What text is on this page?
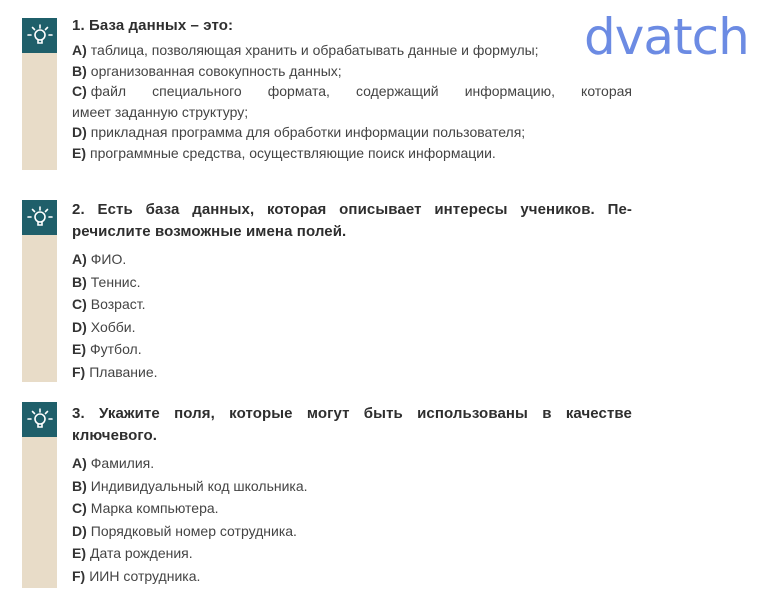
dvatch
1. База данных – это:
A) таблица, позволяющая хранить и обрабатывать данные и формулы;
B) организованная совокупность данных;
C) файл специального формата, содержащий информацию, которая
имеет заданную структуру;
D) прикладная программа для обработки информации пользователя;
E) программные средства, осуществляющие поиск информации.
2. Есть база данных, которая описывает интересы учеников. Пе-
речислите возможные имена полей.
A) ФИО.
B) Теннис.
C) Возраст.
D) Хобби.
E) Футбол.
F) Плавание.
3. Укажите поля, которые могут быть использованы в качестве
ключевого.
A) Фамилия.
B) Индивидуальный код школьника.
C) Марка компьютера.
D) Порядковый номер сотрудника.
E) Дата рождения.
F) ИИН сотрудника.
